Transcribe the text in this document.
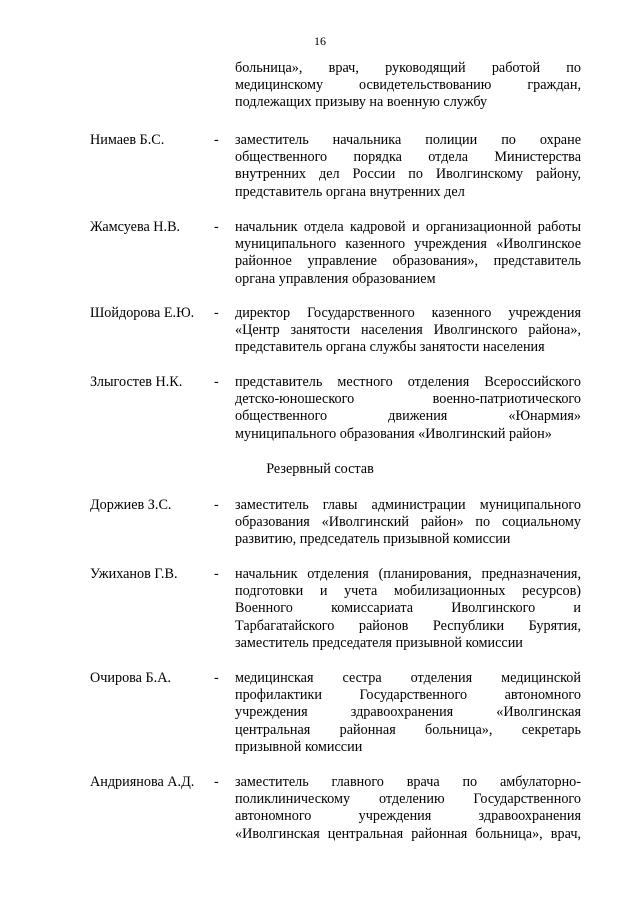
16
больница», врач, руководящий работой по
медицинскому освидетельствованию граждан,
подлежащих призыву на военную службу
Нимаев Б.С.	- заместитель начальника полиции по охране
общественного порядка отдела Министерства
внутренних дел России по Иволгинскому району,
представитель органа внутренних дел
Жамсуева Н.В. - начальник отдела кадровой и организационной работы
муниципального казенного учреждения «Иволгинское
районное управление образования», представитель
органа управления образованием
Шойдорова Е.Ю. - директор Государственного казенного учреждения
«Центр занятости населения Иволгинского района»,
представитель органа службы занятости населения
Злыгостев Н.К. - представитель местного отделения Всероссийского
детско-юношеского военно-патриотического
общественного движения «Юнармия»
муниципального образования «Иволгинский район»
Резервный состав
Доржиев З.С.	- заместитель главы администрации муниципального
образования «Иволгинский район» по социальному
развитию, председатель призывной комиссии
Ужиханов Г.В.	- начальник отделения (планирования, предназначения,
подготовки и учета мобилизационных ресурсов)
Военного комиссариата Иволгинского и
Тарбагатайского районов Республики Бурятия,
заместитель председателя призывной комиссии
Очирова Б.А.	- медицинская сестра отделения медицинской
профилактики Государственного автономного
учреждения здравоохранения «Иволгинская
центральная районная больница», секретарь
призывной комиссии
Андриянова А.Д. - заместитель главного врача по амбулаторно-
поликлиническому отделению Государственного
автономного учреждения здравоохранения
«Иволгинская центральная районная больница», врач,
